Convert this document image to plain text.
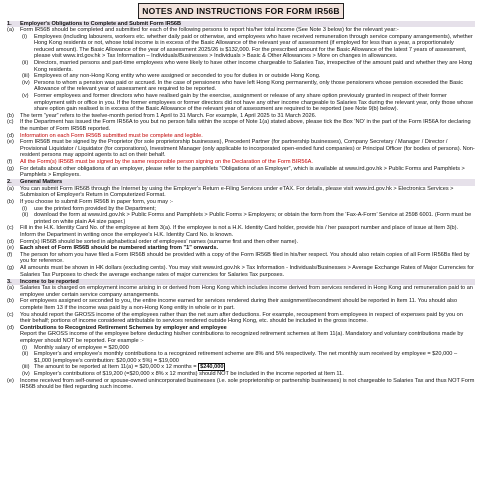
NOTES AND INSTRUCTIONS FOR FORM IR56B
1.	Employer's Obligations to Complete and Submit Form IR56B
(a)	Form IR56B should be completed and submitted for each of the following persons to report his/her total income (See Note 3 below) for the relevant year:-
(i)	Employees (including labourers, workers etc. whether daily paid or otherwise, and employees who have received remuneration through service company arrangements), whether Hong Kong residents or not, whose total income is in excess of the Basic Allowance of the relevant year of assessment (if employed for less than a year, a proportionately reduced amount). The Basic Allowance of the year of assessment 2025/26 is $132,000. For the prescribed amount for the Basic Allowance of the latest 7 years of assessment, please visit www.ird.gov.hk > Tax Information – Individuals/Businesses > Individuals > Basic & Other Allowances > More on changes in allowances.
(ii)	Directors, married persons and part-time employees who were likely to have other income chargeable to Salaries Tax, irrespective of the amount paid and whether they are Hong Kong residents.
(iii) Employees of any non-Hong Kong entity who were assigned or seconded to you for duties in or outside Hong Kong.
(iv) Persons to whom a pension was paid or accrued. In the case of pensioners who have left Hong Kong permanently, only those pensioners whose pension exceeded the Basic Allowance of the relevant year of assessment are required to be reported.
(v) Former employees and former directors who have realised gain by the exercise, assignment or release of any share option previously granted in respect of their former employment with or office in you. If the former employees or former directors did not have any other income chargeable to Salaries Tax during the relevant year, only those whose share option gain realised is in excess of the Basic Allowance of the relevant year of assessment are required to be reported (see Note 9(b) below).
(b)	The term “year” refers to the twelve-month period from 1 April to 31 March. For example, 1 April 2025 to 31 March 2026.
(c)	If the Department has issued the Form IR56A to you but no person falls within the scope of Note 1(a) stated above, please tick the Box ‘NO’ in the part of the Form IR56A for declaring the number of Form IR56B reported.
(d)	Information on each Form IR56B submitted must be complete and legible.
(e)	Form IR56B must be signed by the Proprietor (for sole proprietorship businesses), Precedent Partner (for partnership businesses), Company Secretary / Manager / Director / Provisional Liquidator / Liquidator (for corporations), Investment Manager (only applicable to incorporated open-ended fund companies) or Principal Officer (for bodies of persons). Non-resident persons may appoint agents to act on their behalf.
(f)	All the Form(s) IR56B must be signed by the same responsible person signing on the Declaration of the Form BIR56A.
(g)	For details about other obligations of an employer, please refer to the pamphlets “Obligations of an Employer”, which is available at www.ird.gov.hk > Public Forms and Pamphlets > Pamphlets > Employers.
2.	General Matters
(a)	You can submit Form IR56B through the Internet by using the Employer's Return e-Filing Services under eTAX. For details, please visit www.ird.gov.hk > Electronics Services > Submission of Employer's Return in Computerized Format.
(b)	If you choose to submit Form IR56B in paper form, you may :-
(i)	use the printed form provided by the Department;
(ii)	download the form at www.ird.gov.hk > Public Forms and Pamphlets > Public Forms > Employers; or obtain the form from the ‘Fax-A-Form’ Service at 2598 6001. (Form must be printed on white plain A4 size paper.)
(c)	Fill in the H.K. Identity Card No. of the employee at Item 3(a). If the employee is not a H.K. Identity Card holder, provide his / her passport number and place of issue at Item 3(b). Inform the Department in writing once the employee's H.K. Identity Card No. is known.
(d)	Form(s) IR56B should be sorted in alphabetical order of employees' names (surname first and then other name).
(e)	Each sheet of Form IR56B should be numbered starting from "1" onwards.
(f)	The person for whom you have filed a Form IR56B should be provided with a copy of the Form IR56B filed in his/her respect. You should also retain copies of all Form IR56Bs filed by you for reference.
(g)	All amounts must be shown in HK dollars (excluding cents). You may visit www.ird.gov.hk > Tax Information - Individuals/Businesses > Average Exchange Rates of Major Currencies for Salaries Tax Purposes to check the average exchange rates of major currencies for Salaries Tax purposes.
3.	Income to be reported
(a)	Salaries Tax is charged on employment income arising in or derived from Hong Kong which includes income derived from services rendered in Hong Kong and remuneration paid to an employee under certain service company arrangements.
(b)	For employees assigned or seconded to you, the entire income earned for services rendered during their assignment/secondment should be reported in Item 11. You should also complete Item 13 if the income was paid by a non-Hong Kong entity in whole or in part.
(c)	You should report the GROSS income of the employees rather than the net sum after deductions. For example, recoupment from employees in respect of expenses paid by you on their behalf; portions of income considered attributable to services rendered outside Hong Kong, etc. should be included in the gross income.
(d)	Contributions to Recognized Retirement Schemes by employer and employee
Report the GROSS income of the employee before deducting his/her contributions to recognized retirement schemes at Item 11(a). Mandatory and voluntary contributions made by employer should NOT be reported. For example :-
(i)	Monthly salary of employee = $20,000
(ii)	Employer's and employee's monthly contributions to a recognized retirement scheme are 8% and 5% respectively. The net monthly sum received by employee = $20,000 – $1,000 (employee's contribution: $20,000 x 5%) = $19,000
(iii) The amount to be reported at Item 11(a) = $20,000 x 12 months = $240,000
(iv) Employer's contributions of $19,200 (=$20,000 x 8% x 12 months) should NOT be included in the income reported at Item 11.
(e)	Income received from self-owned or spouse-owned unincorporated businesses (i.e. sole proprietorship or partnership businesses) is not chargeable to Salaries Tax and thus NOT Form IR56B should be filed regarding such income.
